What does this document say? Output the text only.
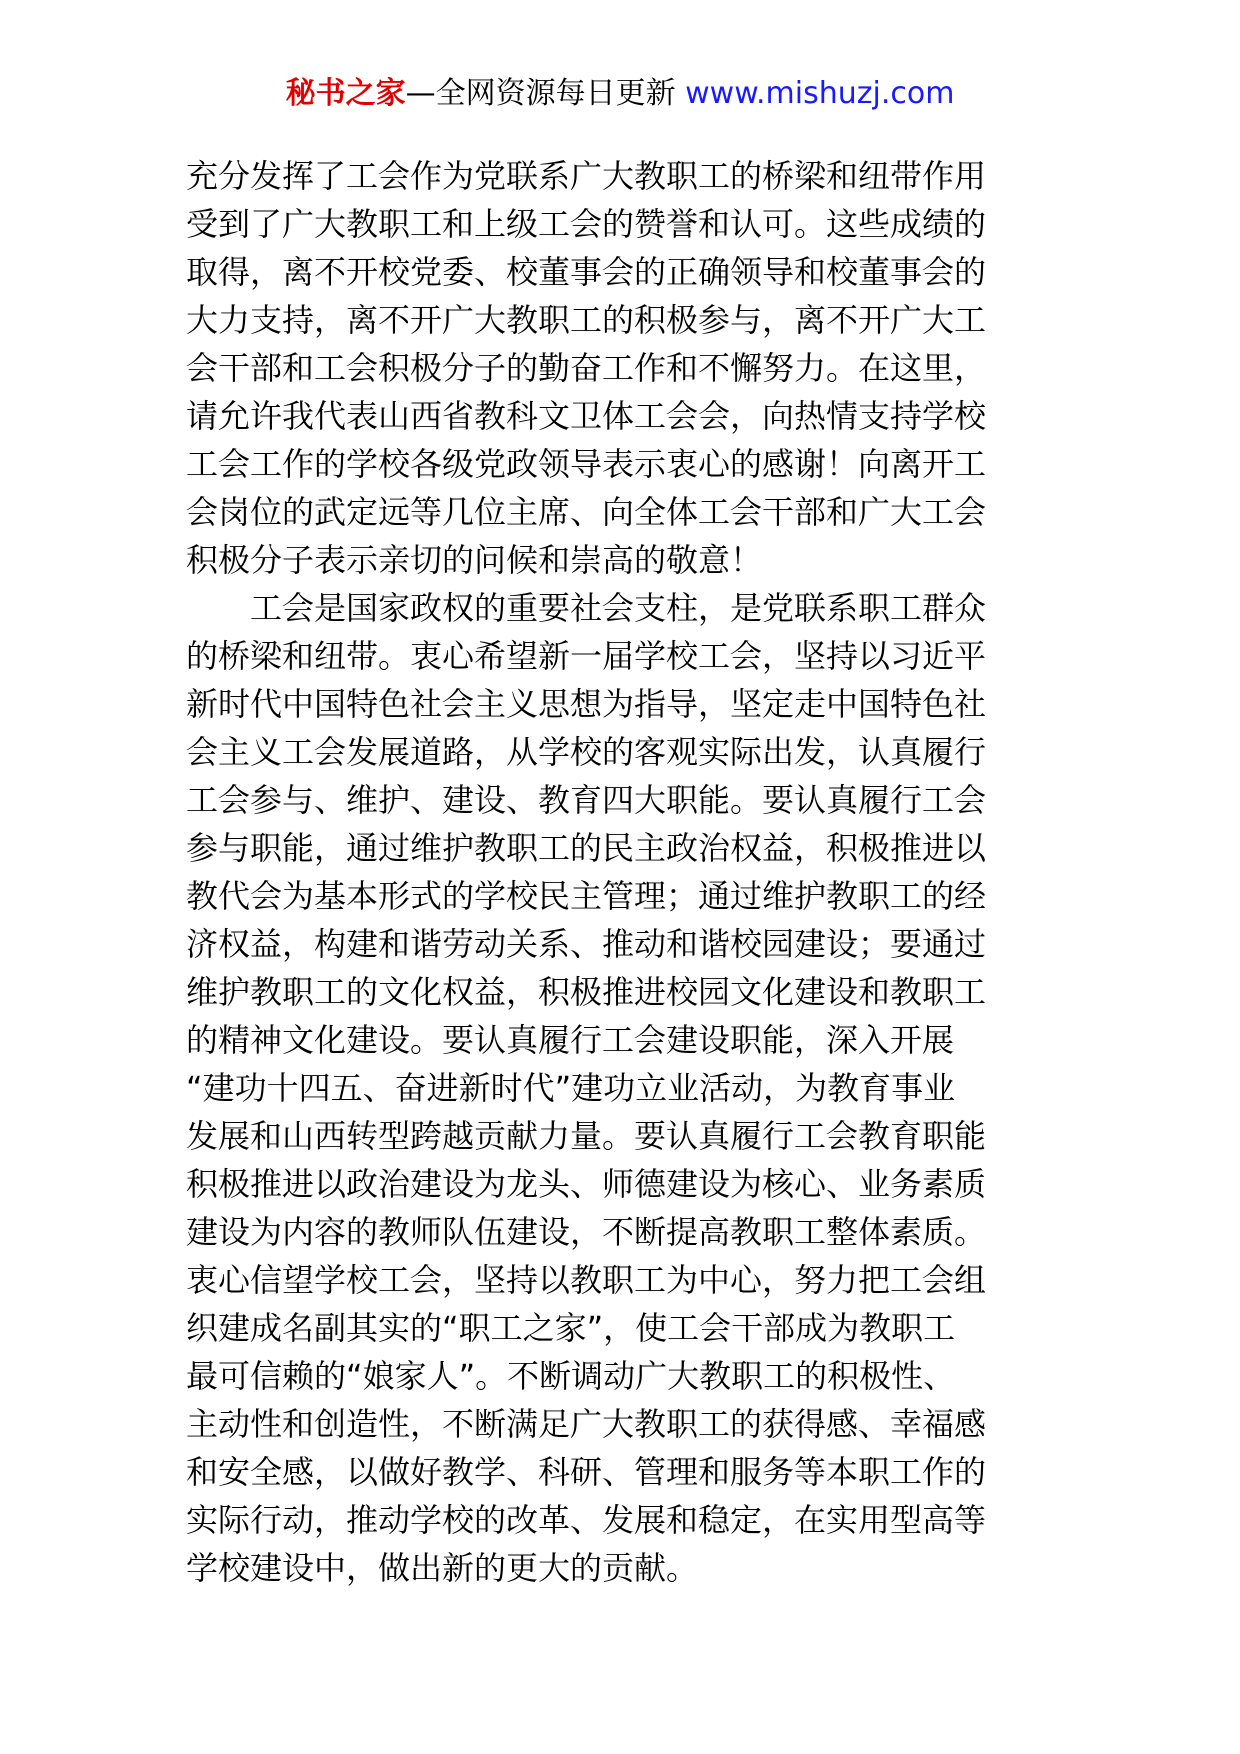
秘书之家—全网资源每日更新 www.mishuzj.com
充分发挥了工会作为党联系广大教职工的桥梁和纽带作用
受到了广大教职工和上级工会的赞誉和认可。这些成绩的
取得，离不开校党委、校董事会的正确领导和校董事会的
大力支持，离不开广大教职工的积极参与，离不开广大工
会干部和工会积极分子的勤奋工作和不懈努力。在这里，
请允许我代表山西省教科文卫体工会会，向热情支持学校
工会工作的学校各级党政领导表示衷心的感谢！向离开工
会岗位的武定远等几位主席、向全体工会干部和广大工会
积极分子表示亲切的问候和崇高的敬意！
工会是国家政权的重要社会支柱，是党联系职工群众
的桥梁和纽带。衷心希望新一届学校工会，坚持以习近平
新时代中国特色社会主义思想为指导，坚定走中国特色社
会主义工会发展道路，从学校的客观实际出发，认真履行
工会参与、维护、建设、教育四大职能。要认真履行工会
参与职能，通过维护教职工的民主政治权益，积极推进以
教代会为基本形式的学校民主管理；通过维护教职工的经
济权益，构建和谐劳动关系、推动和谐校园建设；要通过
维护教职工的文化权益，积极推进校园文化建设和教职工
的精神文化建设。要认真履行工会建设职能，深入开展
“建功十四五、奋进新时代”建功立业活动，为教育事业
发展和山西转型跨越贡献力量。要认真履行工会教育职能
积极推进以政治建设为龙头、师德建设为核心、业务素质
建设为内容的教师队伍建设，不断提高教职工整体素质。
衷心信望学校工会，坚持以教职工为中心，努力把工会组
织建成名副其实的“职工之家”，使工会干部成为教职工
最可信赖的“娘家人”。不断调动广大教职工的积极性、
主动性和创造性，不断满足广大教职工的获得感、幸福感
和安全感，以做好教学、科研、管理和服务等本职工作的
实际行动，推动学校的改革、发展和稳定，在实用型高等
学校建设中，做出新的更大的贡献。
